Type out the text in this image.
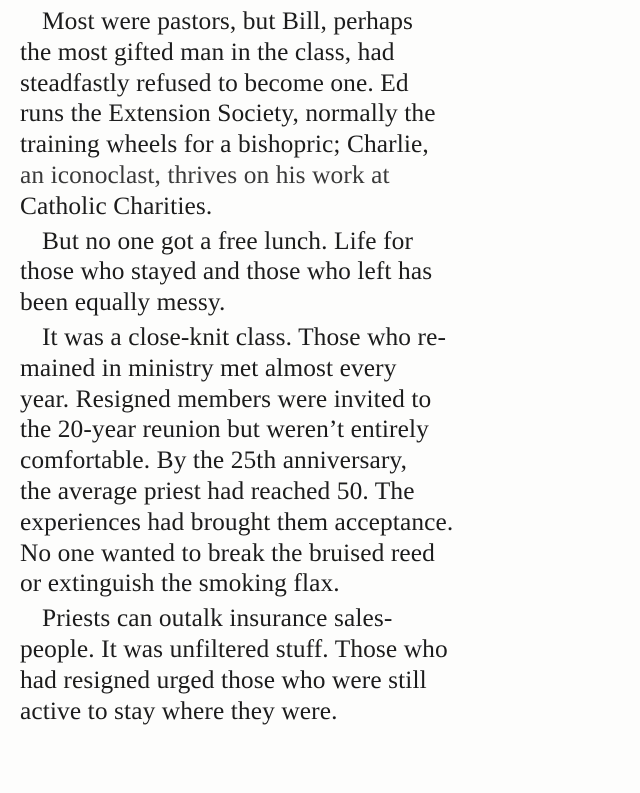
Most were pastors, but Bill, perhaps
the most gifted man in the class, had
steadfastly refused to become one. Ed
runs the Extension Society, normally the
training wheels for a bishopric; Charlie,
an iconoclast, thrives on his work at
Catholic Charities.

But no one got a free lunch. Life for
those who stayed and those who left has
been equally messy.

It was a close-knit class. Those who re-
mained in ministry met almost every
year. Resigned members were invited to
the 20-year reunion but weren’t entirely
comfortable. By the 25th anniversary,
the average priest had reached 50. The
experiences had brought them acceptance.
No one wanted to break the bruised reed
or extinguish the smoking flax.

Priests can outalk insurance sales-
people. It was unfiltered stuff. Those who
had resigned urged those who were still
active to stay where they were.
